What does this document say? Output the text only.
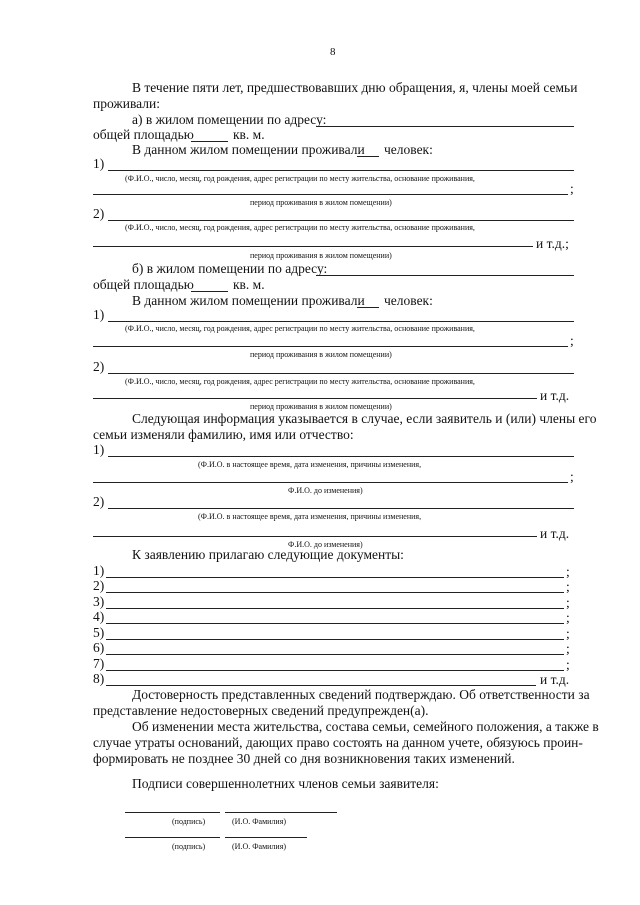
8
В течение пяти лет, предшествовавших дню обращения, я, члены моей семьи
проживали:
а) в жилом помещении по адресу:
общей площадью	кв. м.
В данном жилом помещении проживали человек:
1)
(Ф.И.О., число, месяц, год рождения, адрес регистрации по месту жительства, основание проживания,
;
период проживания в жилом помещении)
2)
(Ф.И.О., число, месяц, год рождения, адрес регистрации по месту жительства, основание проживания,
и т.д.;
период проживания в жилом помещении)
б) в жилом помещении по адресу:
общей площадью	кв. м.
В данном жилом помещении проживали человек:
1)
(Ф.И.О., число, месяц, год рождения, адрес регистрации по месту жительства, основание проживания,
;
период проживания в жилом помещении)
2)
(Ф.И.О., число, месяц, год рождения, адрес регистрации по месту жительства, основание проживания,
и т.д.
период проживания в жилом помещении)
Следующая информация указывается в случае, если заявитель и (или) члены его
семьи изменяли фамилию, имя или отчество:
1)
(Ф.И.О. в настоящее время, дата изменения, причины изменения,
;
Ф.И.О. до изменения)
2)
(Ф.И.О. в настоящее время, дата изменения, причины изменения,
и т.д.
Ф.И.О. до изменения)
К заявлению прилагаю следующие документы:
1)	;
2)	;
3)	;
4)	;
5)	;
6)	;
7)	;
8)	и т.д.
Достоверность представленных сведений подтверждаю. Об ответственности за
представление недостоверных сведений предупрежден(а).
Об изменении места жительства, состава семьи, семейного положения, а также в
случае утраты оснований, дающих право состоять на данном учете, обязуюсь проин-
формировать не позднее 30 дней со дня возникновения таких изменений.
Подписи совершеннолетних членов семьи заявителя:
(подпись)	(И.О. Фамилия)
(подпись)	(И.О. Фамилия)
